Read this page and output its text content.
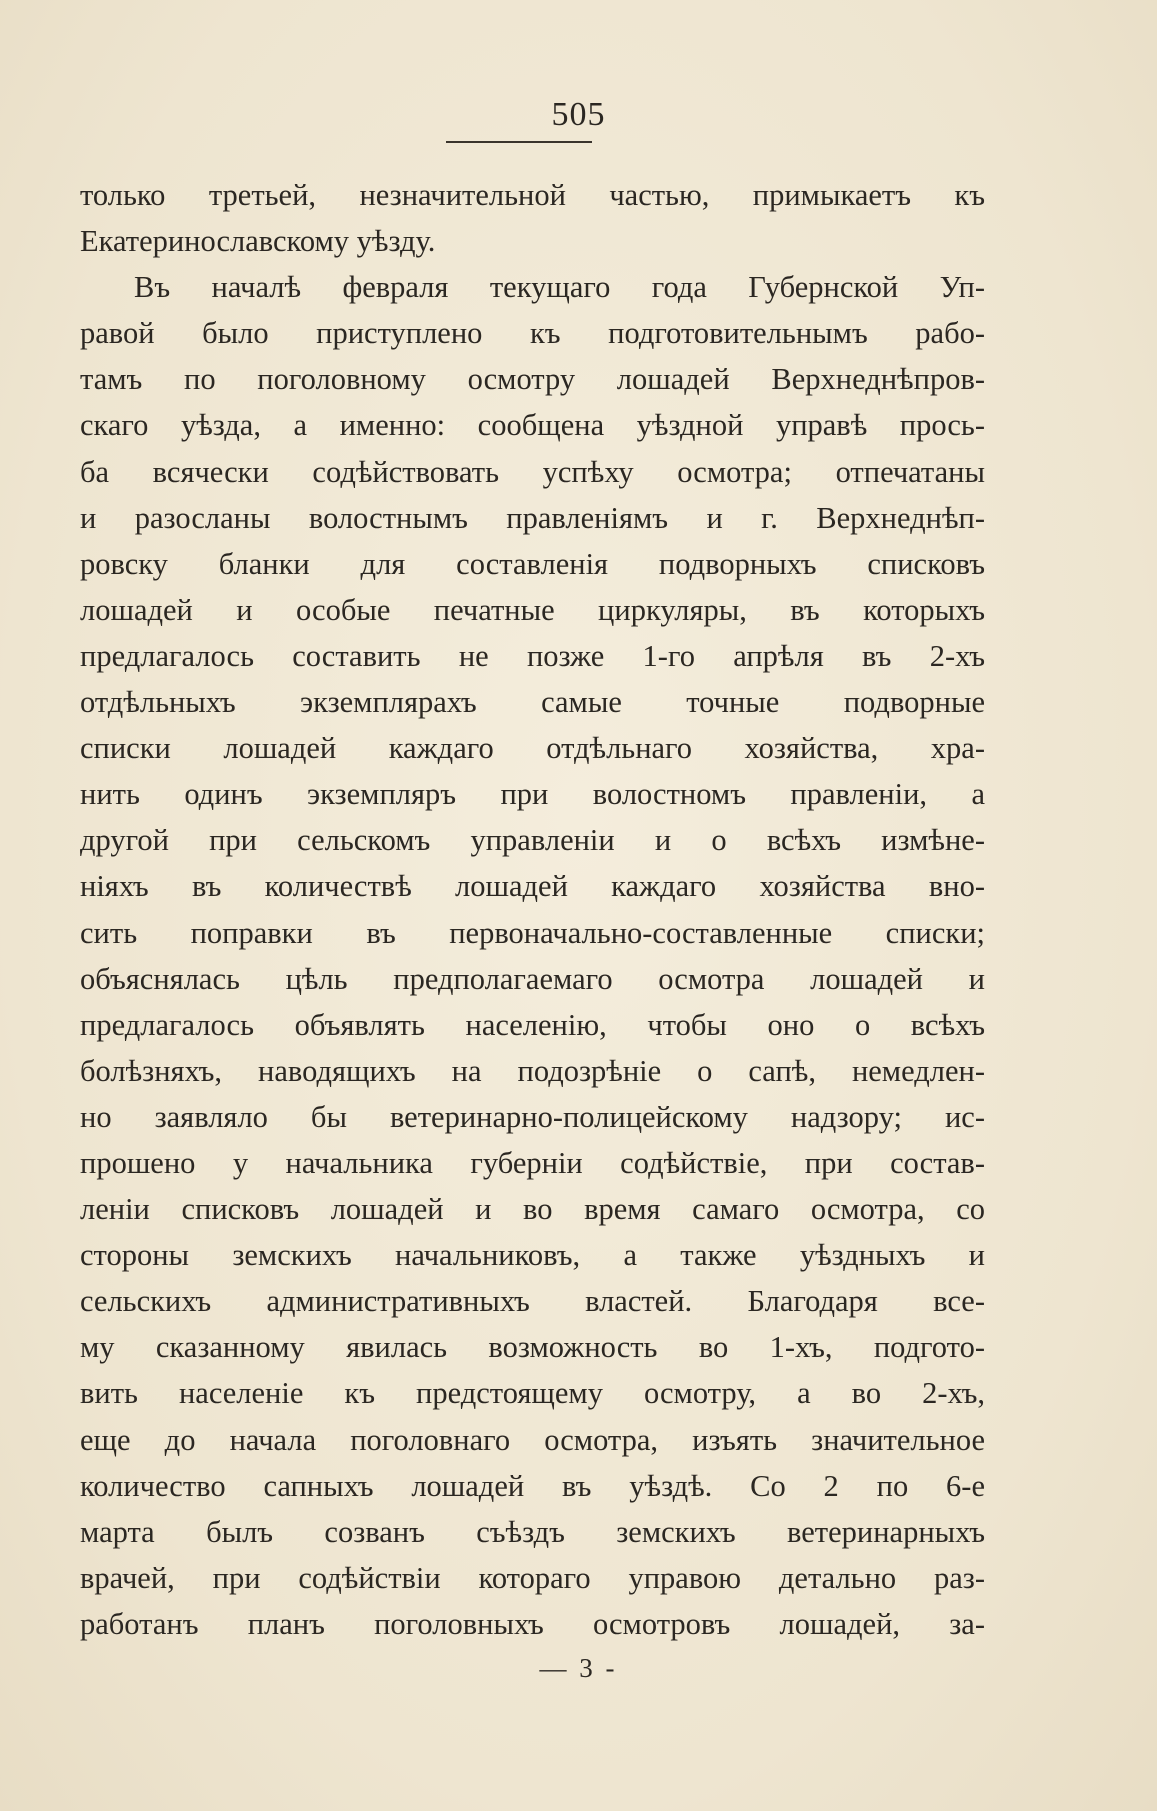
505
только третьей, незначительной частью, примыкаетъ къ
Екатеринославскому уѣзду.
Въ началѣ февраля текущаго года Губернской Уп-
равой было приступлено къ подготовительнымъ рабо-
тамъ по поголовному осмотру лошадей Верхнеднѣпров-
скаго уѣзда, а именно: сообщена уѣздной управѣ прось-
ба всячески содѣйствовать успѣху осмотра; отпечатаны
и разосланы волостнымъ правленіямъ и г. Верхнеднѣп-
ровску бланки для составленія подворныхъ списковъ
лошадей и особые печатные циркуляры, въ которыхъ
предлагалось составить не позже 1-го апрѣля въ 2-хъ
отдѣльныхъ экземплярахъ самые точные подворные
списки лошадей каждаго отдѣльнаго хозяйства, хра-
нить одинъ экземпляръ при волостномъ правленіи, а
другой при сельскомъ управленіи и о всѣхъ измѣне-
ніяхъ въ количествѣ лошадей каждаго хозяйства вно-
сить поправки въ первоначально-составленные списки;
объяснялась цѣль предполагаемаго осмотра лошадей и
предлагалось объявлять населенію, чтобы оно о всѣхъ
болѣзняхъ, наводящихъ на подозрѣніе о сапѣ, немедлен-
но заявляло бы ветеринарно-полицейскому надзору; ис-
прошено у начальника губерніи содѣйствіе, при состав-
леніи списковъ лошадей и во время самаго осмотра, со
стороны земскихъ начальниковъ, а также уѣздныхъ и
сельскихъ административныхъ властей. Благодаря все-
му сказанному явилась возможность во 1-хъ, подгото-
вить населеніе къ предстоящему осмотру, а во 2-хъ,
еще до начала поголовнаго осмотра, изъять значительное
количество сапныхъ лошадей въ уѣздѣ. Со 2 по 6-е
марта былъ созванъ съѣздъ земскихъ ветеринарныхъ
врачей, при содѣйствіи котораго управою детально раз-
работанъ планъ поголовныхъ осмотровъ лошадей, за-
— 3 -
